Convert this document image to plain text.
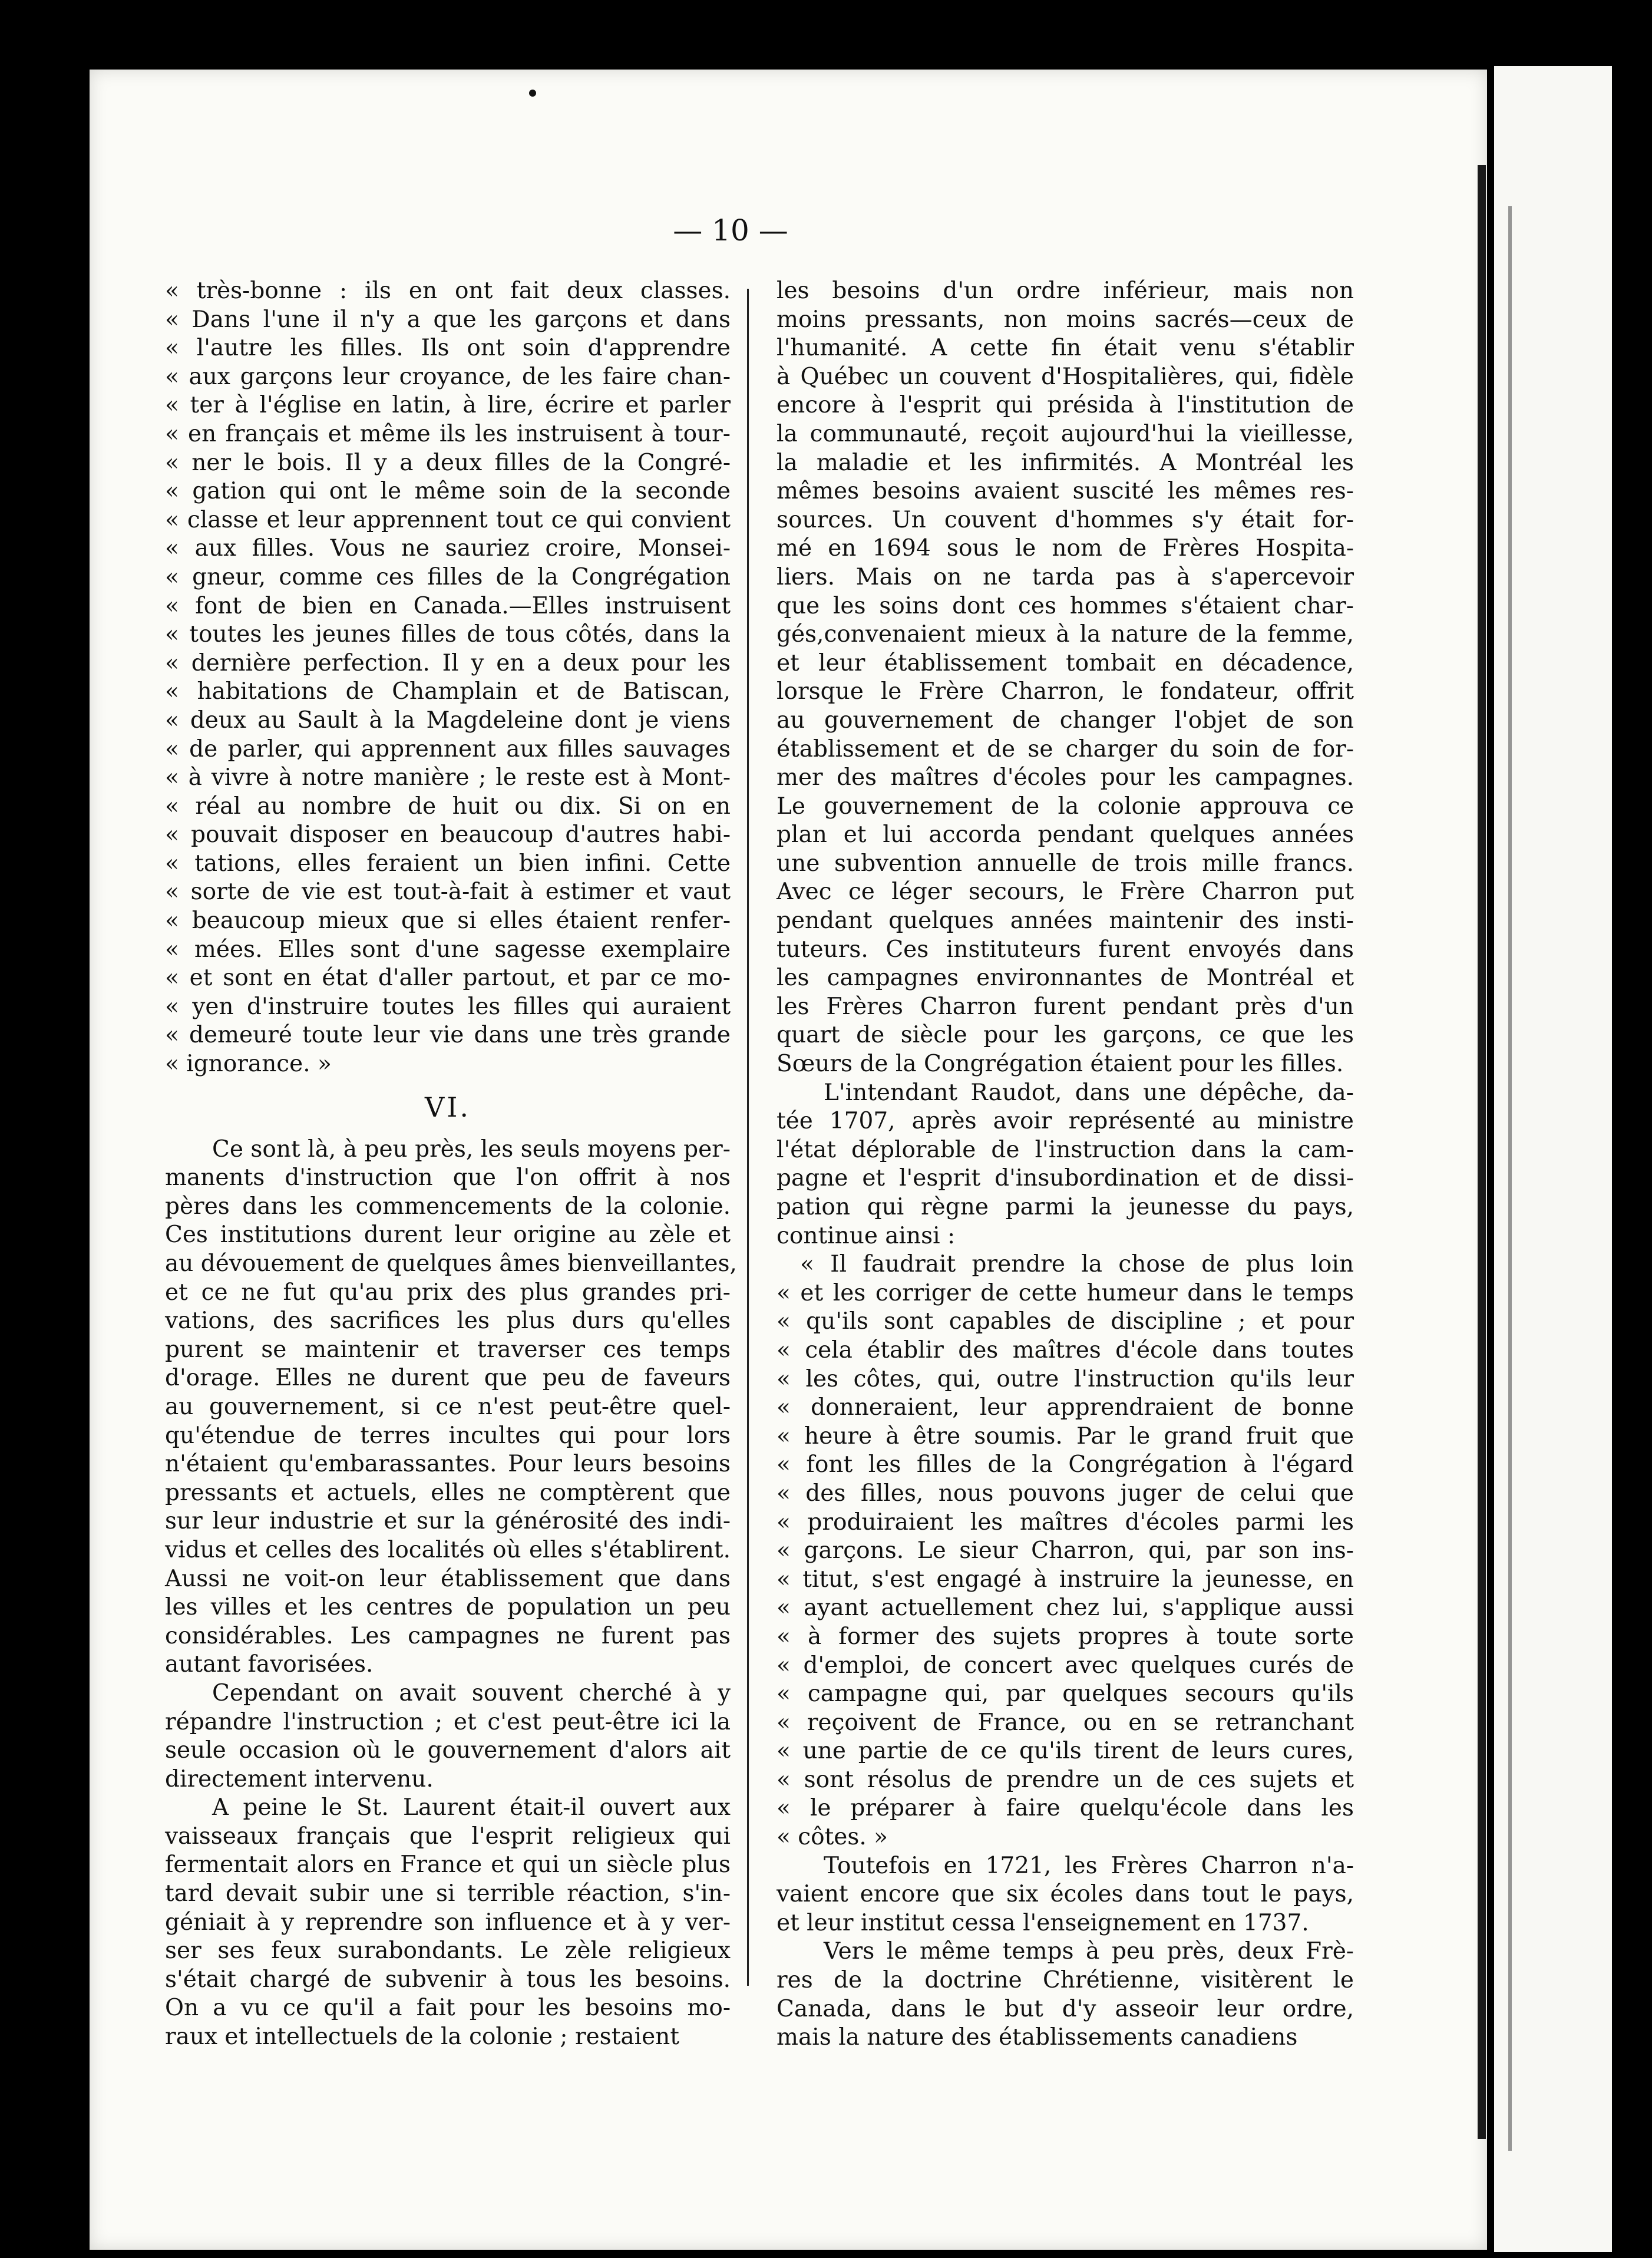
— 10 —
« très-bonne : ils en ont fait deux classes.
« Dans l'une il n'y a que les garçons et dans
« l'autre les filles. Ils ont soin d'apprendre
« aux garçons leur croyance, de les faire chan-
« ter à l'église en latin, à lire, écrire et parler
« en français et même ils les instruisent à tour-
« ner le bois. Il y a deux filles de la Congré-
« gation qui ont le même soin de la seconde
« classe et leur apprennent tout ce qui convient
« aux filles. Vous ne sauriez croire, Monsei-
« gneur, comme ces filles de la Congrégation
« font de bien en Canada.—Elles instruisent
« toutes les jeunes filles de tous côtés, dans la
« dernière perfection. Il y en a deux pour les
« habitations de Champlain et de Batiscan,
« deux au Sault à la Magdeleine dont je viens
« de parler, qui apprennent aux filles sauvages
« à vivre à notre manière ; le reste est à Mont-
« réal au nombre de huit ou dix. Si on en
« pouvait disposer en beaucoup d'autres habi-
« tations, elles feraient un bien infini. Cette
« sorte de vie est tout-à-fait à estimer et vaut
« beaucoup mieux que si elles étaient renfer-
« mées. Elles sont d'une sagesse exemplaire
« et sont en état d'aller partout, et par ce mo-
« yen d'instruire toutes les filles qui auraient
« demeuré toute leur vie dans une très grande
« ignorance. »
VI.
Ce sont là, à peu près, les seuls moyens per-
manents d'instruction que l'on offrit à nos
pères dans les commencements de la colonie.
Ces institutions durent leur origine au zèle et
au dévouement de quelques âmes bienveillantes,
et ce ne fut qu'au prix des plus grandes pri-
vations, des sacrifices les plus durs qu'elles
purent se maintenir et traverser ces temps
d'orage. Elles ne durent que peu de faveurs
au gouvernement, si ce n'est peut-être quel-
qu'étendue de terres incultes qui pour lors
n'étaient qu'embarassantes. Pour leurs besoins
pressants et actuels, elles ne comptèrent que
sur leur industrie et sur la générosité des indi-
vidus et celles des localités où elles s'établirent.
Aussi ne voit-on leur établissement que dans
les villes et les centres de population un peu
considérables. Les campagnes ne furent pas
autant favorisées.
Cependant on avait souvent cherché à y
répandre l'instruction ; et c'est peut-être ici la
seule occasion où le gouvernement d'alors ait
directement intervenu.
A peine le St. Laurent était-il ouvert aux
vaisseaux français que l'esprit religieux qui
fermentait alors en France et qui un siècle plus
tard devait subir une si terrible réaction, s'in-
géniait à y reprendre son influence et à y ver-
ser ses feux surabondants. Le zèle religieux
s'était chargé de subvenir à tous les besoins.
On a vu ce qu'il a fait pour les besoins mo-
raux et intellectuels de la colonie ; restaient
les besoins d'un ordre inférieur, mais non
moins pressants, non moins sacrés—ceux de
l'humanité. A cette fin était venu s'établir
à Québec un couvent d'Hospitalières, qui, fidèle
encore à l'esprit qui présida à l'institution de
la communauté, reçoit aujourd'hui la vieillesse,
la maladie et les infirmités. A Montréal les
mêmes besoins avaient suscité les mêmes res-
sources. Un couvent d'hommes s'y était for-
mé en 1694 sous le nom de Frères Hospita-
liers. Mais on ne tarda pas à s'apercevoir
que les soins dont ces hommes s'étaient char-
gés,convenaient mieux à la nature de la femme,
et leur établissement tombait en décadence,
lorsque le Frère Charron, le fondateur, offrit
au gouvernement de changer l'objet de son
établissement et de se charger du soin de for-
mer des maîtres d'écoles pour les campagnes.
Le gouvernement de la colonie approuva ce
plan et lui accorda pendant quelques années
une subvention annuelle de trois mille francs.
Avec ce léger secours, le Frère Charron put
pendant quelques années maintenir des insti-
tuteurs. Ces instituteurs furent envoyés dans
les campagnes environnantes de Montréal et
les Frères Charron furent pendant près d'un
quart de siècle pour les garçons, ce que les
Sœurs de la Congrégation étaient pour les filles.
L'intendant Raudot, dans une dépêche, da-
tée 1707, après avoir représenté au ministre
l'état déplorable de l'instruction dans la cam-
pagne et l'esprit d'insubordination et de dissi-
pation qui règne parmi la jeunesse du pays,
continue ainsi :
« Il faudrait prendre la chose de plus loin
« et les corriger de cette humeur dans le temps
« qu'ils sont capables de discipline ; et pour
« cela établir des maîtres d'école dans toutes
« les côtes, qui, outre l'instruction qu'ils leur
« donneraient, leur apprendraient de bonne
« heure à être soumis. Par le grand fruit que
« font les filles de la Congrégation à l'égard
« des filles, nous pouvons juger de celui que
« produiraient les maîtres d'écoles parmi les
« garçons. Le sieur Charron, qui, par son ins-
« titut, s'est engagé à instruire la jeunesse, en
« ayant actuellement chez lui, s'applique aussi
« à former des sujets propres à toute sorte
« d'emploi, de concert avec quelques curés de
« campagne qui, par quelques secours qu'ils
« reçoivent de France, ou en se retranchant
« une partie de ce qu'ils tirent de leurs cures,
« sont résolus de prendre un de ces sujets et
« le préparer à faire quelqu'école dans les
« côtes. »
Toutefois en 1721, les Frères Charron n'a-
vaient encore que six écoles dans tout le pays,
et leur institut cessa l'enseignement en 1737.
Vers le même temps à peu près, deux Frè-
res de la doctrine Chrétienne, visitèrent le
Canada, dans le but d'y asseoir leur ordre,
mais la nature des établissements canadiens
